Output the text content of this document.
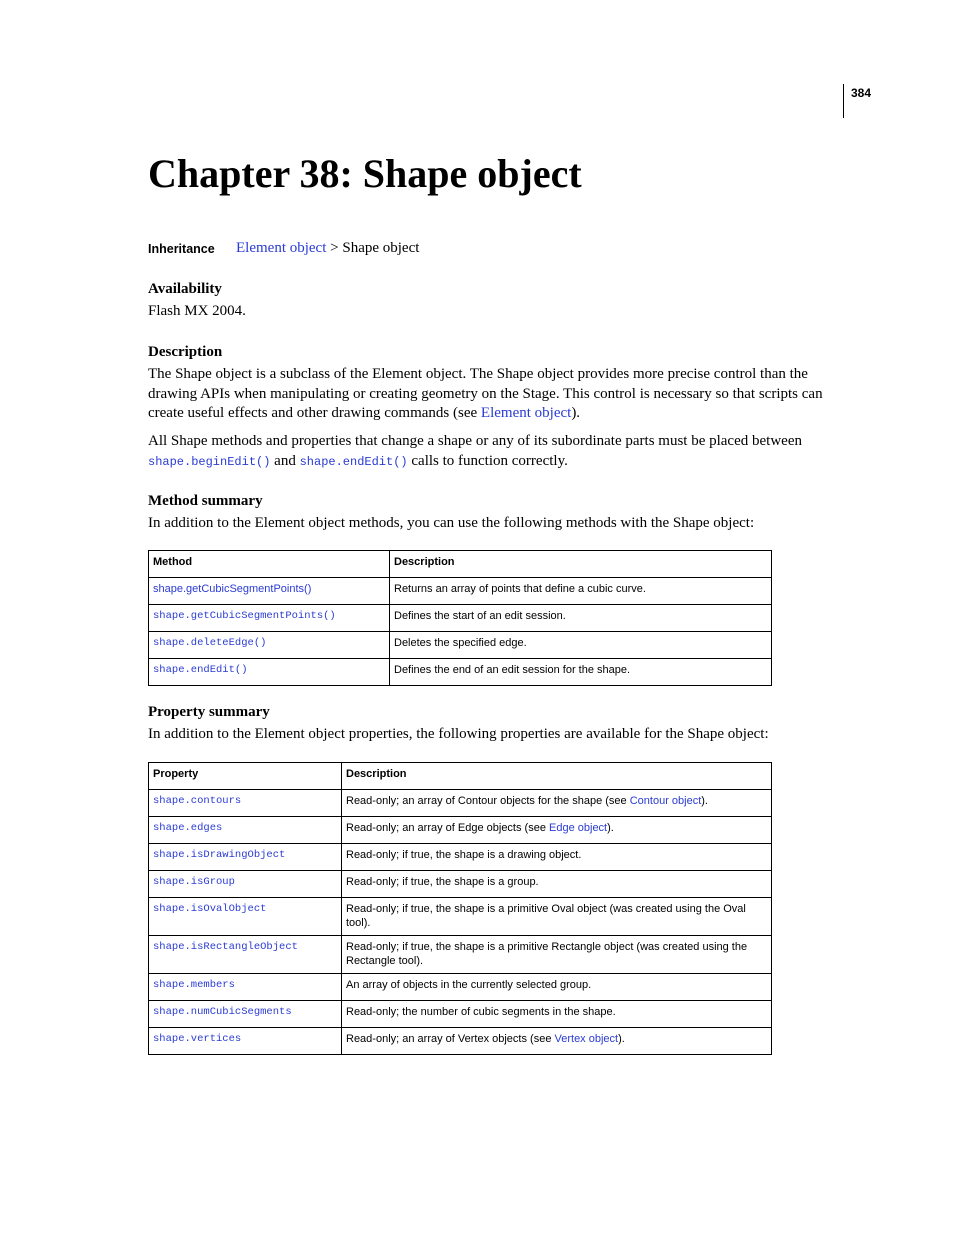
384
Chapter 38: Shape object
Inheritance Element object > Shape object
Availability

Flash MX 2004.

Description

The Shape object is a subclass of the Element object. The Shape object provides more precise control than the drawing APIs when manipulating or creating geometry on the Stage. This control is necessary so that scripts can create useful effects and other drawing commands (see Element object).

All Shape methods and properties that change a shape or any of its subordinate parts must be placed between shape.beginEdit() and shape.endEdit() calls to function correctly.

Method summary

In addition to the Element object methods, you can use the following methods with the Shape object:

Method	Description
shape.getCubicSegmentPoints()	Returns an array of points that define a cubic curve.
shape.getCubicSegmentPoints()	Defines the start of an edit session.
shape.deleteEdge()	Deletes the specified edge.
shape.endEdit()	Defines the end of an edit session for the shape.
Property summary

In addition to the Element object properties, the following properties are available for the Shape object:

Property	Description
shape.contours	Read-only; an array of Contour objects for the shape (see Contour object).
shape.edges	Read-only; an array of Edge objects (see Edge object).
shape.isDrawingObject	Read-only; if true, the shape is a drawing object.
shape.isGroup	Read-only; if true, the shape is a group.
shape.isOvalObject	Read-only; if true, the shape is a primitive Oval object (was created using the Oval tool).
shape.isRectangleObject	Read-only; if true, the shape is a primitive Rectangle object (was created using the Rectangle tool).
shape.members	An array of objects in the currently selected group.
shape.numCubicSegments	Read-only; the number of cubic segments in the shape.
shape.vertices	Read-only; an array of Vertex objects (see Vertex object).
